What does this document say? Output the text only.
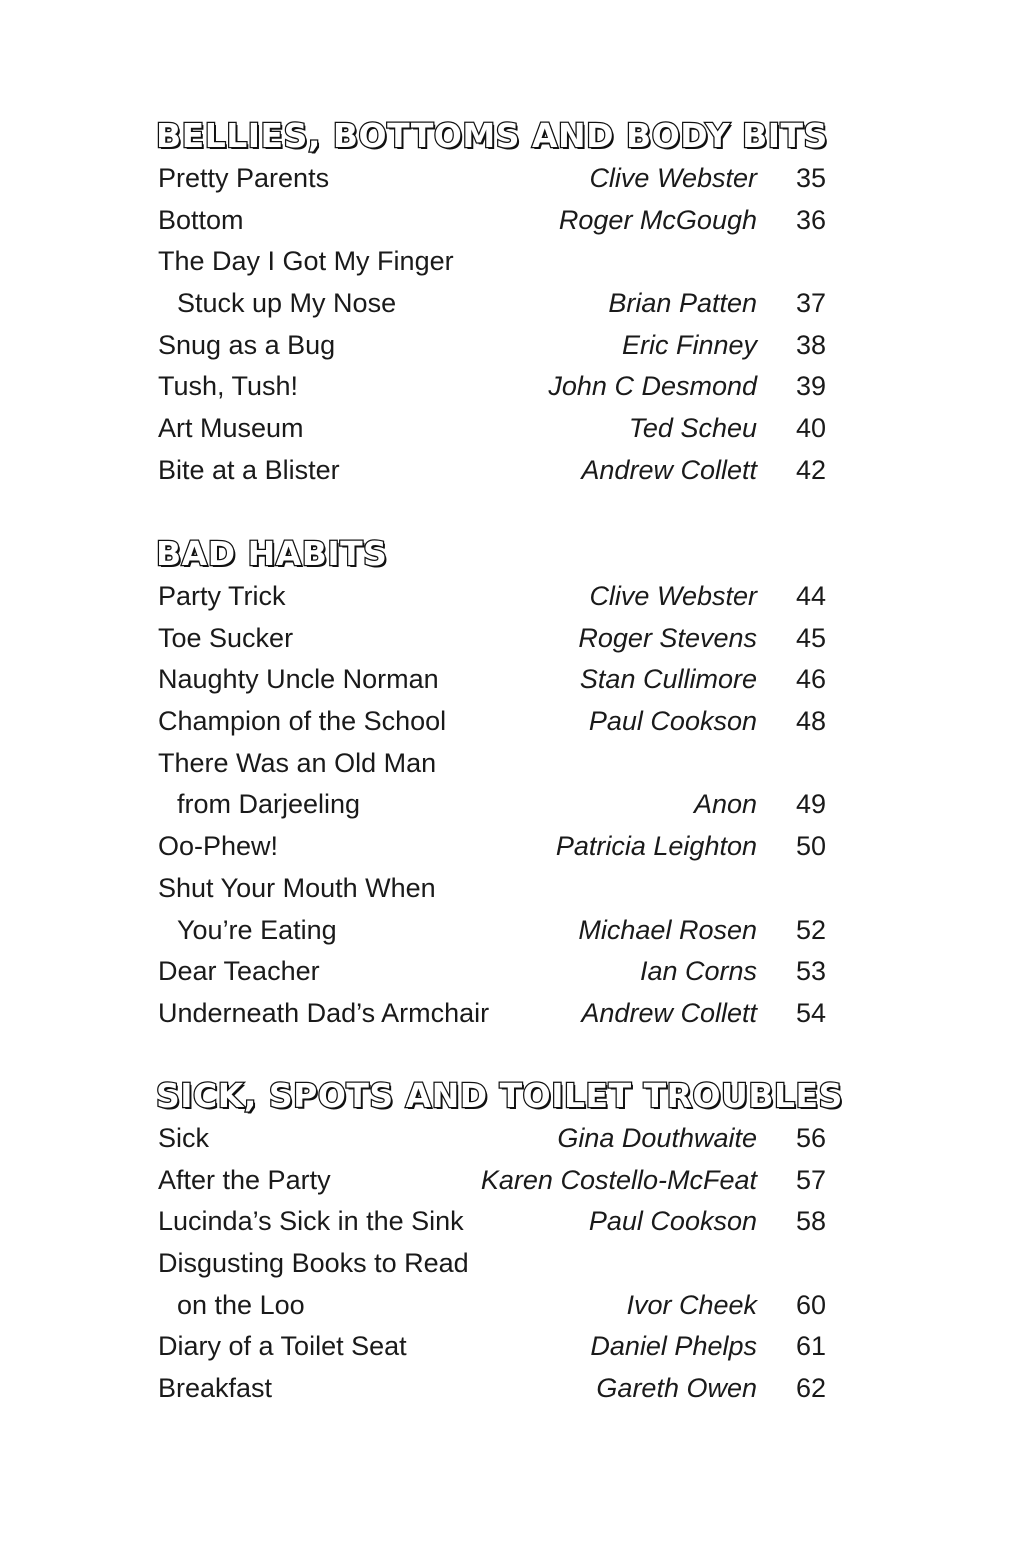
BELLIES, BOTTOMS AND BODY BITS
Pretty Parents	Clive Webster 35
Bottom	Roger McGough 36
The Day I Got My Finger
Stuck up My Nose	Brian Patten 37
Snug as a Bug	Eric Finney 38
Tush, Tush!	John C Desmond 39
Art Museum	Ted Scheu 40
Bite at a Blister	Andrew Collett 42
BAD HABITS
Party Trick	Clive Webster 44
Toe Sucker	Roger Stevens 45
Naughty Uncle Norman	Stan Cullimore 46
Champion of the School	Paul Cookson 48
There Was an Old Man
from Darjeeling	Anon 49
Oo-Phew!	Patricia Leighton 50
Shut Your Mouth When
You’re Eating	Michael Rosen 52
Dear Teacher	Ian Corns 53
Underneath Dad’s Armchair	Andrew Collett 54
SICK, SPOTS AND TOILET TROUBLES
Sick	Gina Douthwaite 56
After the Party	Karen Costello-McFeat 57
Lucinda’s Sick in the Sink	Paul Cookson 58
Disgusting Books to Read
on the Loo	Ivor Cheek 60
Diary of a Toilet Seat	Daniel Phelps 61
Breakfast	Gareth Owen 62
